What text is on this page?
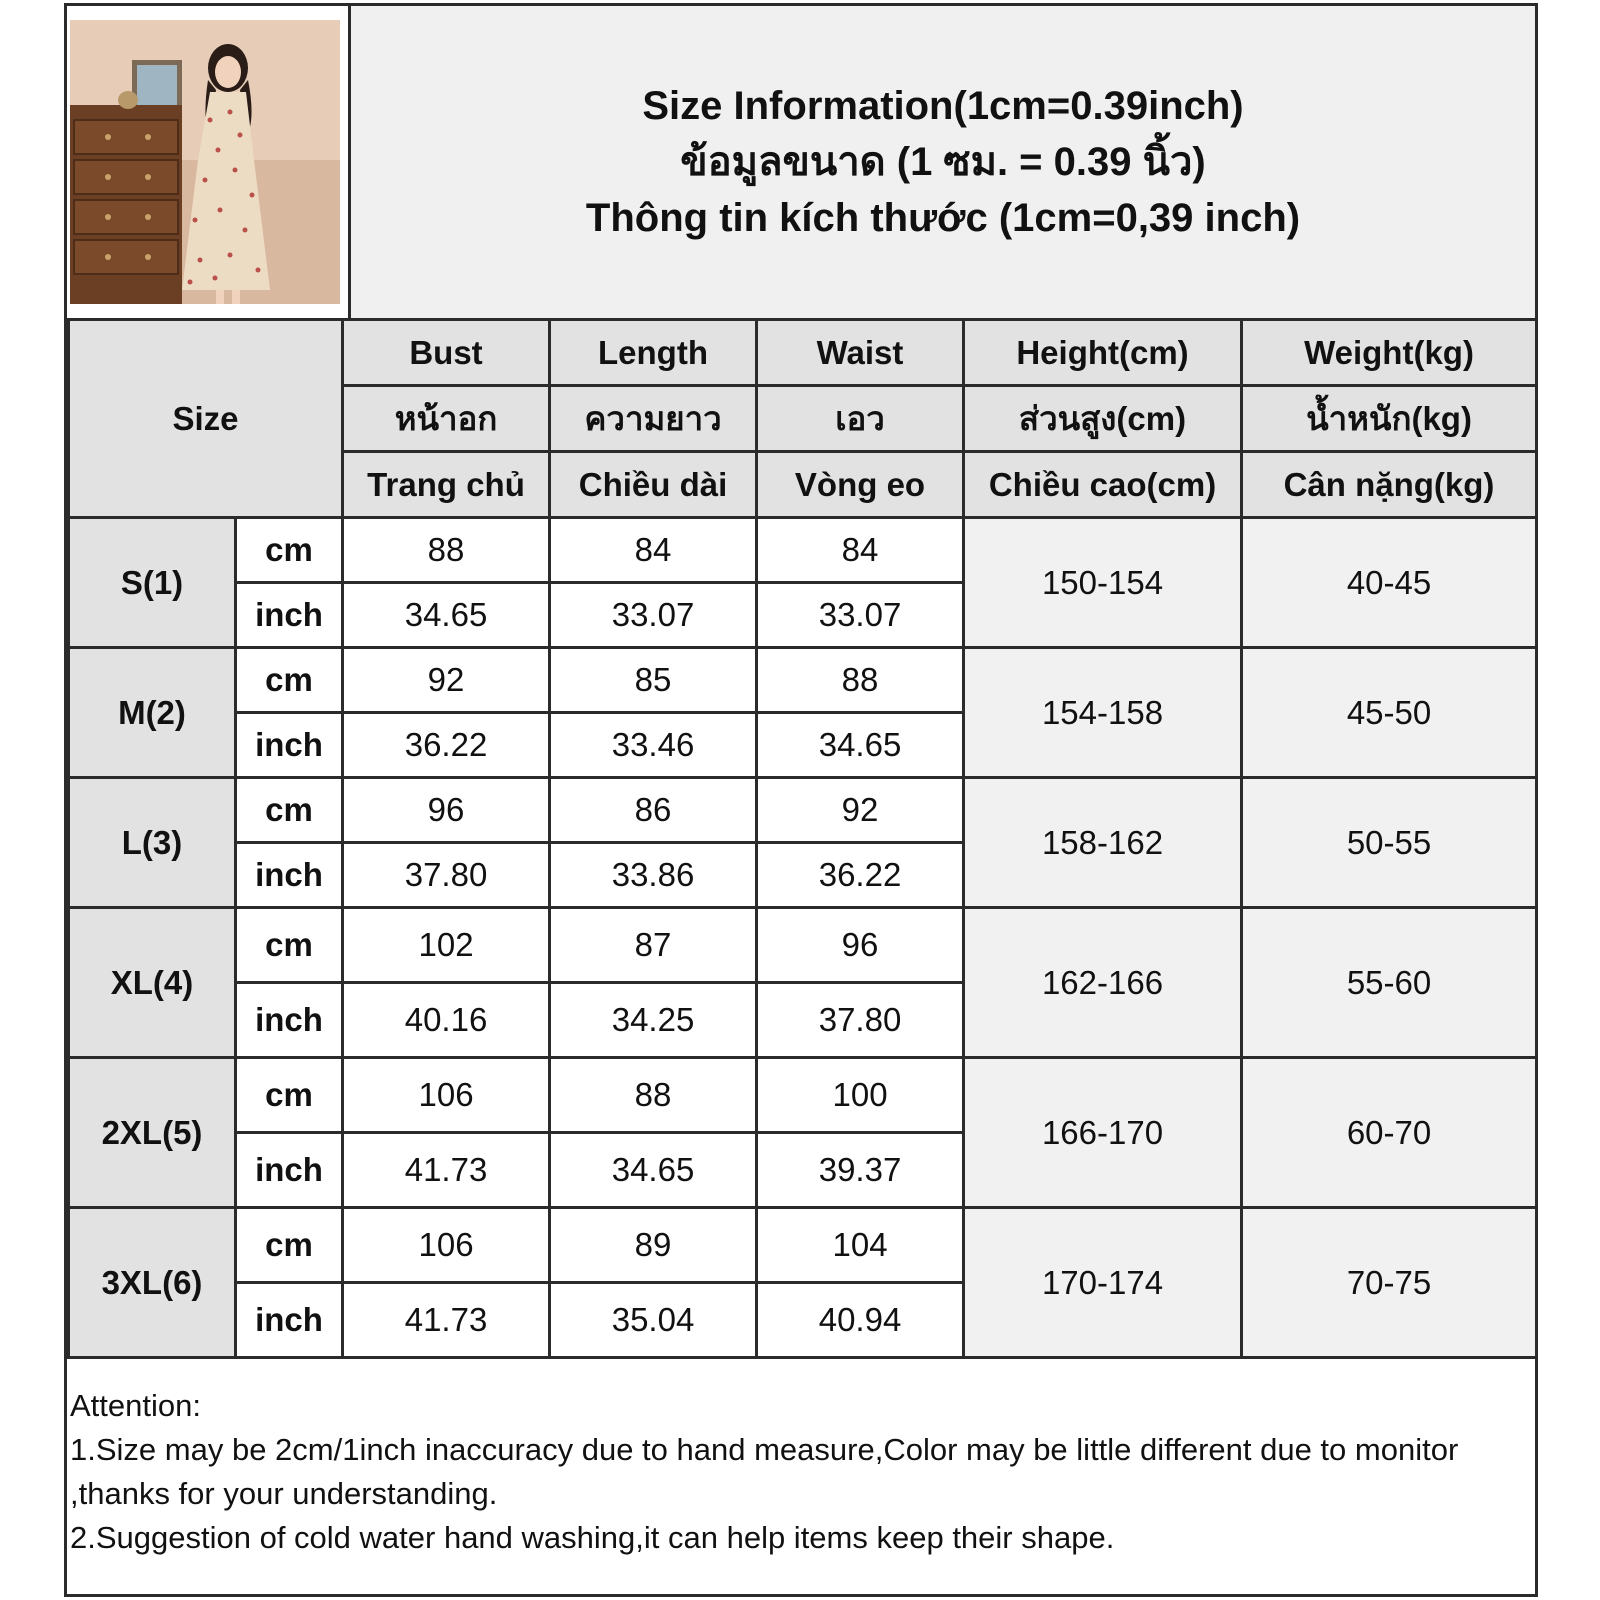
Size Information(1cm=0.39inch)
ข้อมูลขนาด (1 ซม. = 0.39 นิ้ว)
Thông tin kích thước (1cm=0,39 inch)
Size		Bust	Length	Waist	Height(cm)	Weight(kg)
		หน้าอก	ความยาว	เอว	ส่วนสูง(cm)	น้ำหนัก(kg)
		Trang chủ	Chiều dài	Vòng eo	Chiều cao(cm)	Cân nặng(kg)
S(1)	cm	88	84	84	150-154	40-45
	inch	34.65	33.07	33.07		
M(2)	cm	92	85	88	154-158	45-50
	inch	36.22	33.46	34.65		
L(3)	cm	96	86	92	158-162	50-55
	inch	37.80	33.86	36.22		
XL(4)	cm	102	87	96	162-166	55-60
	inch	40.16	34.25	37.80		
2XL(5)	cm	106	88	100	166-170	60-70
	inch	41.73	34.65	39.37		
3XL(6)	cm	106	89	104	170-174	70-75
	inch	41.73	35.04	40.94		
Attention:
1.Size may be 2cm/1inch inaccuracy due to hand measure,Color may be little different due to monitor ,thanks for your understanding.
2.Suggestion of cold water hand washing,it can help items keep their shape.
